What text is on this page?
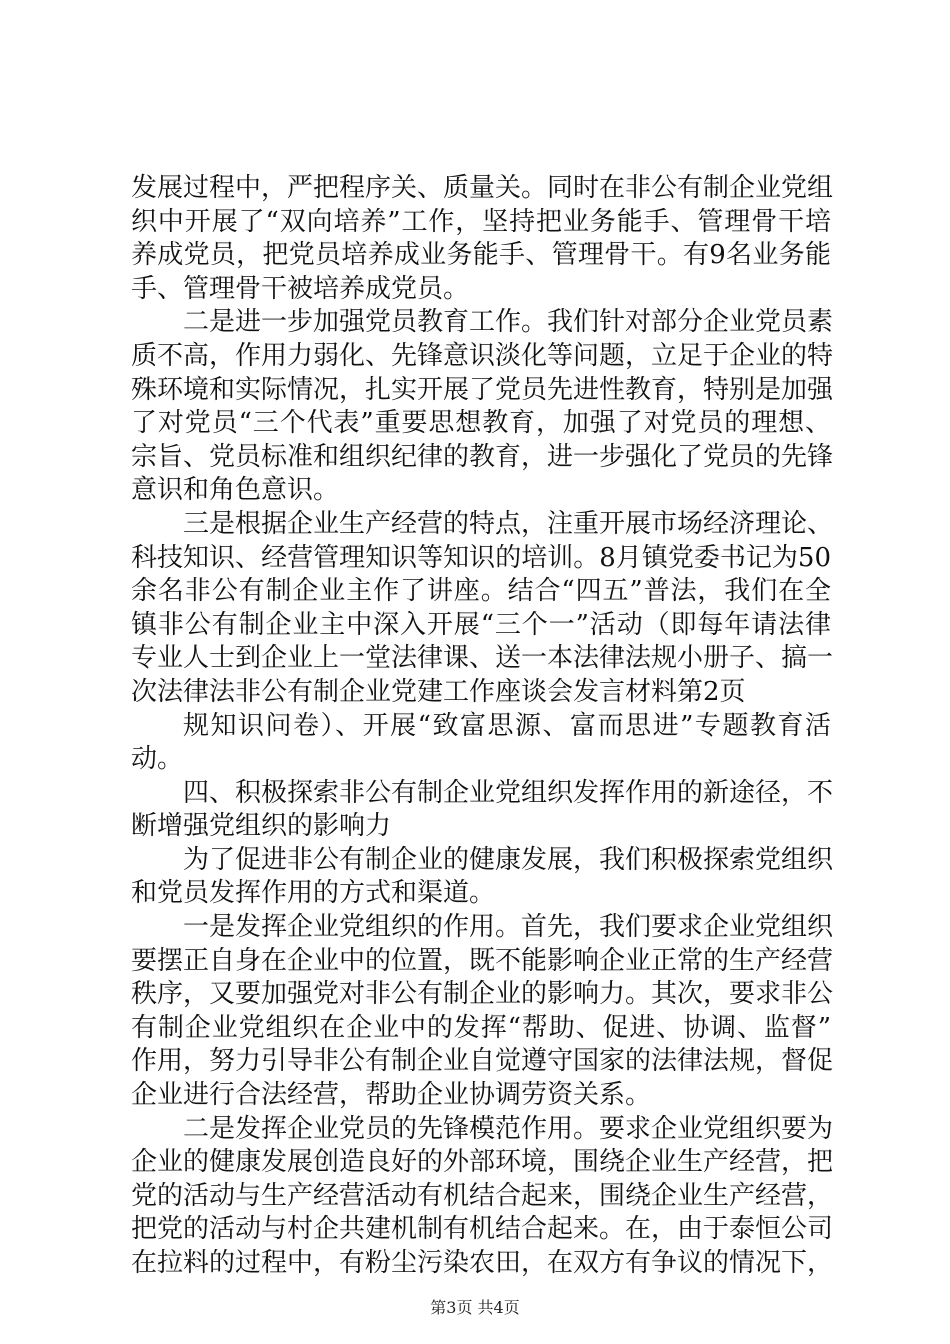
发展过程中，严把程序关、质量关。同时在非公有制企业党组
织中开展了“双向培养”工作，坚持把业务能手、管理骨干培
养成党员，把党员培养成业务能手、管理骨干。有9名业务能
手、管理骨干被培养成党员。
二是进一步加强党员教育工作。我们针对部分企业党员素
质不高，作用力弱化、先锋意识淡化等问题，立足于企业的特
殊环境和实际情况，扎实开展了党员先进性教育，特别是加强
了对党员“三个代表”重要思想教育，加强了对党员的理想、
宗旨、党员标准和组织纪律的教育，进一步强化了党员的先锋
意识和角色意识。
三是根据企业生产经营的特点，注重开展市场经济理论、
科技知识、经营管理知识等知识的培训。8月镇党委书记为50
余名非公有制企业主作了讲座。结合“四五”普法，我们在全
镇非公有制企业主中深入开展“三个一”活动（即每年请法律
专业人士到企业上一堂法律课、送一本法律法规小册子、搞一
次法律法非公有制企业党建工作座谈会发言材料第2页
规知识问卷）、开展“致富思源、富而思进”专题教育活
动。
四、积极探索非公有制企业党组织发挥作用的新途径，不
断增强党组织的影响力
为了促进非公有制企业的健康发展，我们积极探索党组织
和党员发挥作用的方式和渠道。
一是发挥企业党组织的作用。首先，我们要求企业党组织
要摆正自身在企业中的位置，既不能影响企业正常的生产经营
秩序，又要加强党对非公有制企业的影响力。其次，要求非公
有制企业党组织在企业中的发挥“帮助、促进、协调、监督”
作用，努力引导非公有制企业自觉遵守国家的法律法规，督促
企业进行合法经营，帮助企业协调劳资关系。
二是发挥企业党员的先锋模范作用。要求企业党组织要为
企业的健康发展创造良好的外部环境，围绕企业生产经营，把
党的活动与生产经营活动有机结合起来，围绕企业生产经营，
把党的活动与村企共建机制有机结合起来。在，由于泰恒公司
在拉料的过程中，有粉尘污染农田，在双方有争议的情况下，
第3页 共4页
